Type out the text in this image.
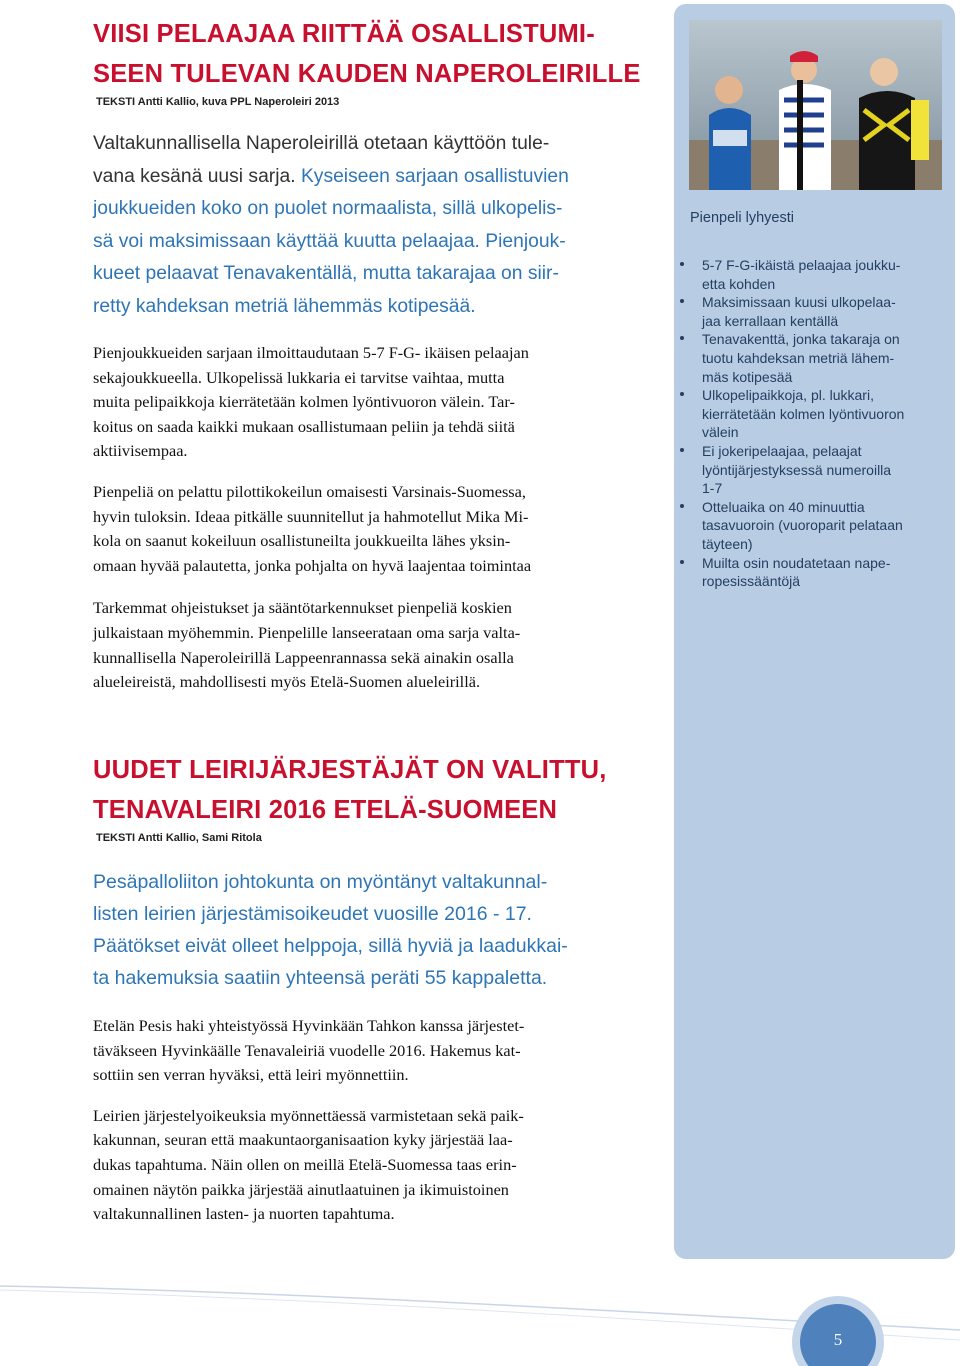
VIISI PELAAJAA RIITTÄÄ OSALLISTUMI-
SEEN TULEVAN KAUDEN NAPEROLEIRILLE
TEKSTI Antti Kallio, kuva PPL Naperoleiri 2013
Valtakunnallisella Naperoleirillä otetaan käyttöön tule-
vana kesänä uusi sarja. Kyseiseen sarjaan osallistuvien
joukkueiden koko on puolet normaalista, sillä ulkopelis-
sä voi maksimissaan käyttää kuutta pelaajaa. Pienjouk-
kueet pelaavat Tenavakentällä, mutta takarajaa on siir-
retty kahdeksan metriä lähemmäs kotipesää.
Pienjoukkueiden sarjaan ilmoittaudutaan 5-7 F-G- ikäisen pelaajan
sekajoukkueella. Ulkopelissä lukkaria ei tarvitse vaihtaa, mutta
muita pelipaikkoja kierrätetään kolmen lyöntivuoron välein. Tar-
koitus on saada kaikki mukaan osallistumaan peliin ja tehdä siitä
aktiivisempaa.
Pienpeliä on pelattu pilottikokeilun omaisesti Varsinais-Suomessa,
hyvin tuloksin. Ideaa pitkälle suunnitellut ja hahmotellut Mika Mi-
kola on saanut kokeiluun osallistuneilta joukkueilta lähes yksin-
omaan hyvää palautetta, jonka pohjalta on hyvä laajentaa toimintaa
Tarkemmat ohjeistukset ja sääntötarkennukset pienpeliä koskien
julkaistaan myöhemmin. Pienpelille lanseerataan oma sarja valta-
kunnallisella Naperoleirillä Lappeenrannassa sekä ainakin osalla
alueleireistä, mahdollisesti myös Etelä-Suomen alueleirillä.
UUDET LEIRIJÄRJESTÄJÄT ON VALITTU,
TENAVALEIRI 2016 ETELÄ-SUOMEEN
TEKSTI Antti Kallio, Sami Ritola
Pesäpalloliiton johtokunta on myöntänyt valtakunnal-
listen leirien järjestämisoikeudet vuosille 2016 - 17.
Päätökset eivät olleet helppoja, sillä hyviä ja laadukkai-
ta hakemuksia saatiin yhteensä peräti 55 kappaletta.
Etelän Pesis haki yhteistyössä Hyvinkään Tahkon kanssa järjestet-
täväkseen Hyvinkäälle Tenavaleiriä vuodelle 2016. Hakemus kat-
sottiin sen verran hyväksi, että leiri myönnettiin.
Leirien järjestelyoikeuksia myönnettäessä varmistetaan sekä paik-
kakunnan, seuran että maakuntaorganisaation kyky järjestää laa-
dukas tapahtuma. Näin ollen on meillä Etelä-Suomessa taas erin-
omainen näytön paikka järjestää ainutlaatuinen ja ikimuistoinen
valtakunnallinen lasten- ja nuorten tapahtuma.
Pienpeli lyhyesti
5-7 F-G-ikäistä pelaajaa joukku-
etta kohden
Maksimissaan kuusi ulkopelaa-
jaa kerrallaan kentällä
Tenavakenttä, jonka takaraja on
tuotu kahdeksan metriä lähem-
mäs kotipesää
Ulkopelipaikkoja, pl. lukkari,
kierrätetään kolmen lyöntivuoron
välein
Ei jokeripelaajaa, pelaajat
lyöntijärjestyksessä numeroilla
1-7
Otteluaika on 40 minuuttia
tasavuoroin (vuoroparit pelataan
täyteen)
Muilta osin noudatetaan nape-
ropesissääntöjä
5
